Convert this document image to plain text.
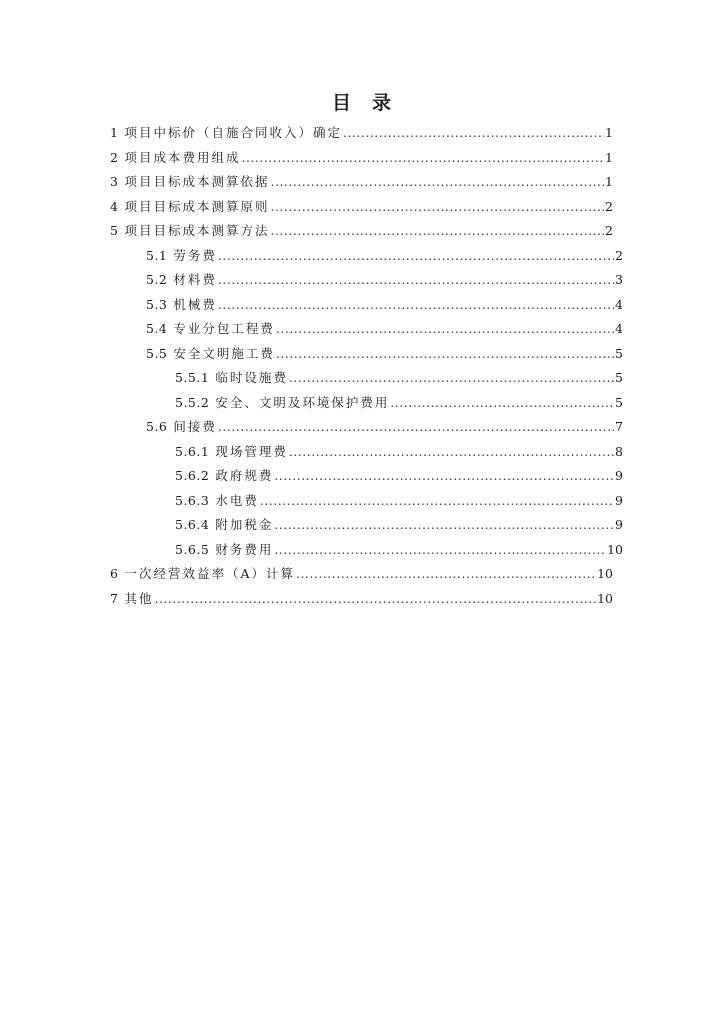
目 录
1 项目中标价（自施合同收入）确定 .....	1
2 项目成本费用组成 .....	1
3 项目目标成本测算依据 .....	1
4 项目目标成本测算原则 .....	2
5 项目目标成本测算方法 .....	2
5.1 劳务费 .....	2
5.2 材料费 .....	3
5.3 机械费 .....	4
5.4 专业分包工程费 .....	4
5.5 安全文明施工费 .....	5
5.5.1 临时设施费 .....	5
5.5.2 安全、文明及环境保护费用 .....	5
5.6 间接费 .....	7
5.6.1 现场管理费 .....	8
5.6.2 政府规费 .....	9
5.6.3 水电费 .....	9
5.6.4 附加税金 .....	9
5.6.5 财务费用 .....	10
6 一次经营效益率（A）计算 .....	10
7 其他 .....	10
